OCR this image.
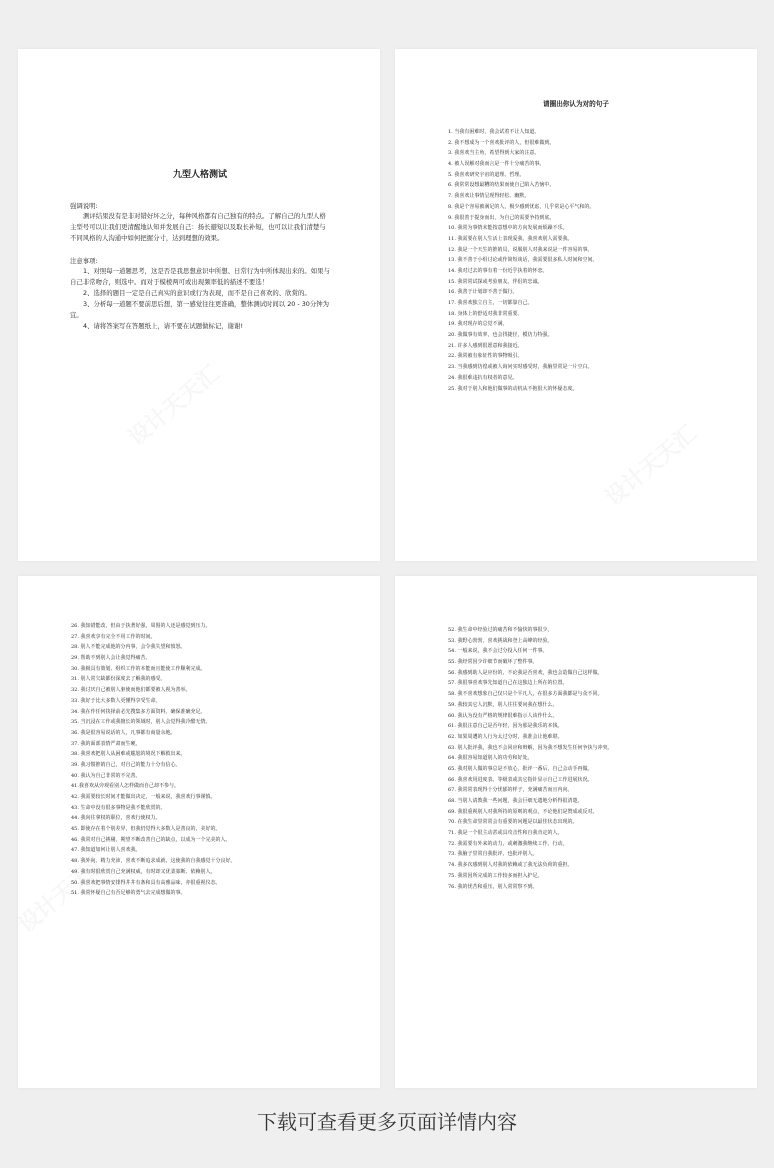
九型人格测试

强调说明:

测评结果没有是非对错好坏之分，每种风格都有自己独有的特点。了解自己的九型人格主型号可以让我们更清醒地认知并发展自己：扬长避短以及取长补短，也可以让我们清楚与不同风格的人沟通中如何把握分寸，达到理想的效果。

注意事项:

1、对照每一道题思考，这是否是我思想意识中所想、日常行为中所体现出来的。如果与自己非常吻合，则选中。而对于模棱两可或出现频率低的描述不要选！

2、选择的题目一定是自己真实的意识或行为表现，而不是自己喜欢的、欣赏的。

3、分析每一道题不要前思后想，第一感觉往往更准确，整体测试时间以 20 - 30分钟为宜。

4、请将答案写在答题纸上，请不要在试题做标记，谢谢!

请圈出你认为对的句子
1. 当我有困难时，我会试着不让人知道。
2. 我不想成为一个喜欢批评的人，但很难做到。
3. 我喜欢当主角，希望得到大家的注意。
4. 被人误解对我而言是一件十分痛苦的事。
5. 我喜欢研究宇宙的道理、哲理。
6. 我常常设想最糟的结果而使自己陷入苦恼中。
7. 我喜欢让事情呈现得轻松、幽默。
8. 我是个容易被满足的人，极少感到忧虑，几乎常是心平气和的。
9. 我很善于提身而出，为自己的需要争持到底。
10. 我常为事情未能按意想中的方向发展而烦躁不乐。
11. 我需要在别人生活上表现爱我，我喜欢别人需要我。
12. 我是一个天生的推销员，说服别人对我来说是一件容易的事。
13. 我不善于小组讨论或作简短谈话，我需要很多私人时间和空间。
14. 我对过去的事有着一份近乎执着的怀恋。
15. 我常常试探或考验朋友、伴侣的忠诚。
16. 我善于计划却不善于做行。
17. 我喜欢独立自主，一切都靠自己。
18. 身体上的舒适对我非常重要。
19. 我对现存的总觉不满。
20. 我做事有效率，也会找捷径，模仿力特强。
21. 许多人感到很愿意和我接近。
22. 我常被有象征性的事物吸引。
23. 当我感到彷徨或被人询问实时感受时，我脑里常是一片空白。
24. 我很难违抗有权者的意见。
25. 我对于别人和他们做事的动机从不抱很大的怀疑态度。
26. 我知错能改，但由于执著好强，周围的人还是感觉到压力。
27. 我喜欢享有完全不用工作的时间。
28. 别人不能完成他的分内事，会令我失望和愤怒。
29. 帮助不到别人会让我觉得痛苦。
30. 我极具有策划、组织工作的本能而且能使工作顺利完成。
31. 别人常欠缺都份深度去了解我的感受。
32. 我讨厌自己被别人驱使而他们都要被人视为善举。
33. 我好于比大多数人更懂得享受生命。
34. 我在作任何抉择前必先搜集多方面资料，确保准确充足。
35. 当沉浸在工作或我擅长的领域时，别人会觉得我冷酷无情。
36. 我是很容易说话的人，凡事都有商量余地。
37. 我的面部表情严肃而生硬。
38. 我喜欢把别人从困难或尴尬的境况下解救出来。
39. 我习惯推销自己，对自己的能力十分有信心。
40. 我认为自己非常的不完善。
41.我喜欢从旁观看别人怎样做而自己却不参与。
42. 我需要较长时间才能做出决定，一般来说，我喜欢行事谨慎。
43. 生命中没有很多事物是我不能欣赏的。
44. 我向往拿权的职位，喜欢行使权力。
45. 即使存在着个别差异，但我仍觉得大多数人是善良的、美好的。
46. 我常对自己挑剔，期望不断改善自己的缺点，以成为一个完美的人。
47. 我知道如何让别人喜欢我。
48. 我外向、精力充沛，喜欢不断追求成就，这使我的自我感觉十分良好。
49. 我有时很欣赏自己充满权威，有时却又优柔寡断、依赖别人。
50. 我喜欢把事情安排得井井有条和具有高雅品味，亦很重视仪态。
51. 我常怀疑自己有否足够的勇气去完成想做的事。
52. 我生命中经验过的痛苦和不愉快的事很少。
53. 我野心勃勃，喜欢挑战和登上高峰的经验。
54. 一般来说，我不会过分投入任何一件事。
55. 我经常因少许细节而破坏了整件事。
56. 我感到助人是应份的，不论我是否喜欢，我也会造做自己这样做。
57. 我很事喜欢事先知道自己在这独边上所在的位置。
58. 我不喜欢想象自己仅只是个平凡人，在很多方面我都是与众不同。
59. 我较其它人沉默，别人往往要问我在想什么。
60. 我认为没有严格的规律很难指示人该作什么。
61. 我很注意自己是否年轻，因为那是我乐的本钱。
62. 如果周遭的人行为太过分时，我准会让他难堪。
63. 别人批评我，我也不会回应和辩解，因为我不想发生任何争执与冲突。
64. 我很容易知道别人的功劳和好处。
65. 我对别人做的事总是不放心，批评一番后，自己会动手再做。
66. 我喜欢用进度表、等级表或其它指针显示自己工作进展状况。
67. 我常常表现得十分忧郁的样子，充满痛苦而且内向。
68. 当别人请教我一些问题，我会巨细无遗地分析得很清楚。
69. 我很重视别人对我所持的原则的观点，不论他们是赞成或反对。
70. 在我生命里常常会有重要的问题是以最佳状态出现的。
71. 我是一个很主动甚或具攻击性和自我肯定的人。
72. 我需要有外来的动力，或刺激我继续工作、行动。
73. 我脑子里常自我批评，也批评别人。
74. 我多次感到别人对我的依赖或了我无法负荷的重担。
75. 我常因所完成的工作较多而担入护足。
76. 我的忧苦和重压，别人常常察不到。
下载可查看更多页面详情内容
